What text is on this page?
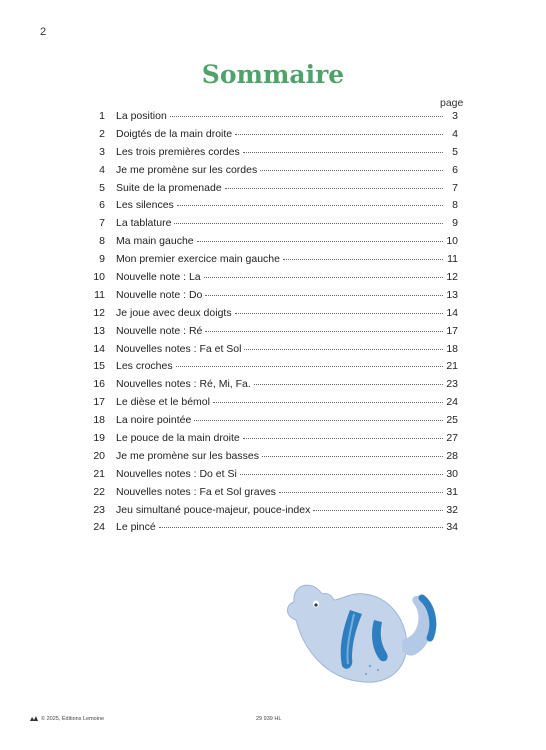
2
Sommaire
page
1 La position	3
2 Doigtés de la main droite	4
3 Les trois premières cordes	5
4 Je me promène sur les cordes	6
5 Suite de la promenade	7
6 Les silences	8
7 La tablature	9
8 Ma main gauche	10
9 Mon premier exercice main gauche	11
10 Nouvelle note : La	12
11 Nouvelle note : Do	13
12 Je joue avec deux doigts	14
13 Nouvelle note : Ré	17
14 Nouvelles notes : Fa et Sol	18
15 Les croches	21
16 Nouvelles notes : Ré, Mi, Fa.	23
17 Le dièse et le bémol	24
18 La noire pointée	25
19 Le pouce de la main droite	27
20 Je me promène sur les basses	28
21 Nouvelles notes : Do et Si	30
22 Nouvelles notes : Fa et Sol graves	31
23 Jeu simultané pouce-majeur, pouce-index	32
24 Le pincé	34
© 2025, Éditions Lemoine	29 939 HL
